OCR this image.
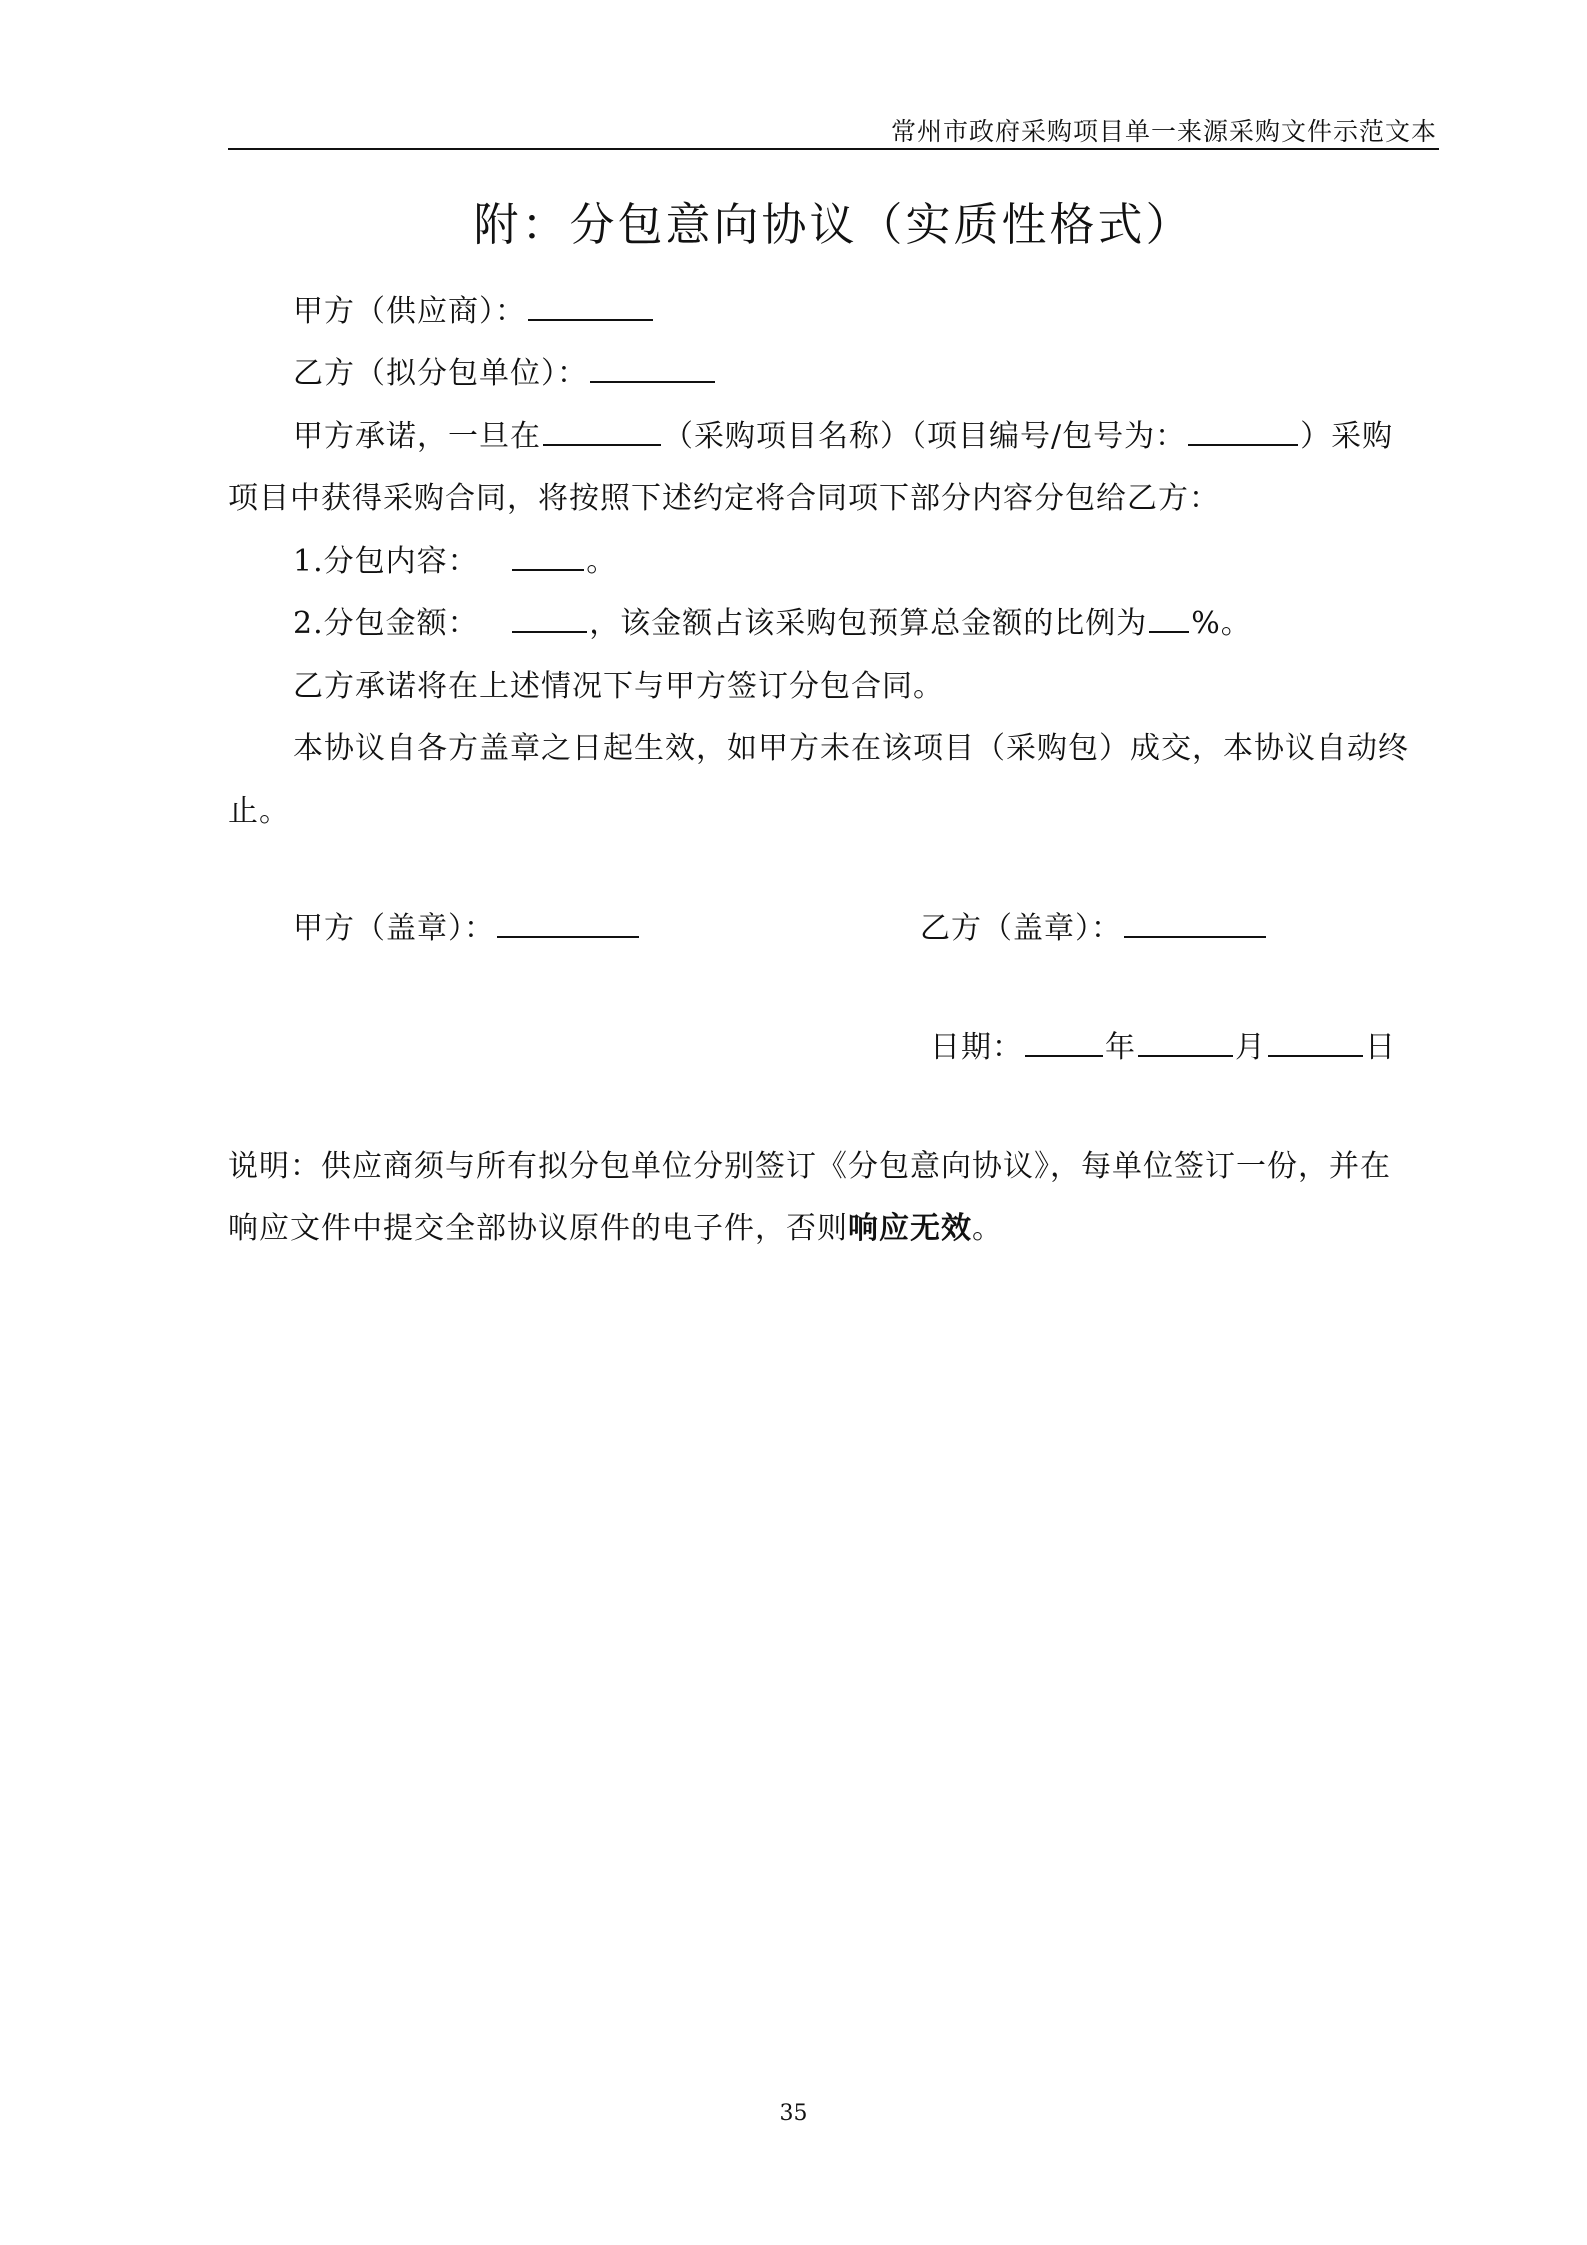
常州市政府采购项目单一来源采购文件示范文本
附：分包意向协议（实质性格式）
甲方（供应商）：
乙方（拟分包单位）：
甲方承诺，一旦在	（采购项目名称）（项目编号/包号为：	）采购
项目中获得采购合同，将按照下述约定将合同项下部分内容分包给乙方：
1.分包内容：	。
2.分包金额：	，该金额占该采购包预算总金额的比例为 %。
乙方承诺将在上述情况下与甲方签订分包合同。
本协议自各方盖章之日起生效，如甲方未在该项目（采购包）成交，本协议自动终
止。
甲方（盖章）：	乙方（盖章）：
日期：	年	月	日
说明：供应商须与所有拟分包单位分别签订《分包意向协议》，每单位签订一份，并在
响应文件中提交全部协议原件的电子件，否则响应无效。
35
